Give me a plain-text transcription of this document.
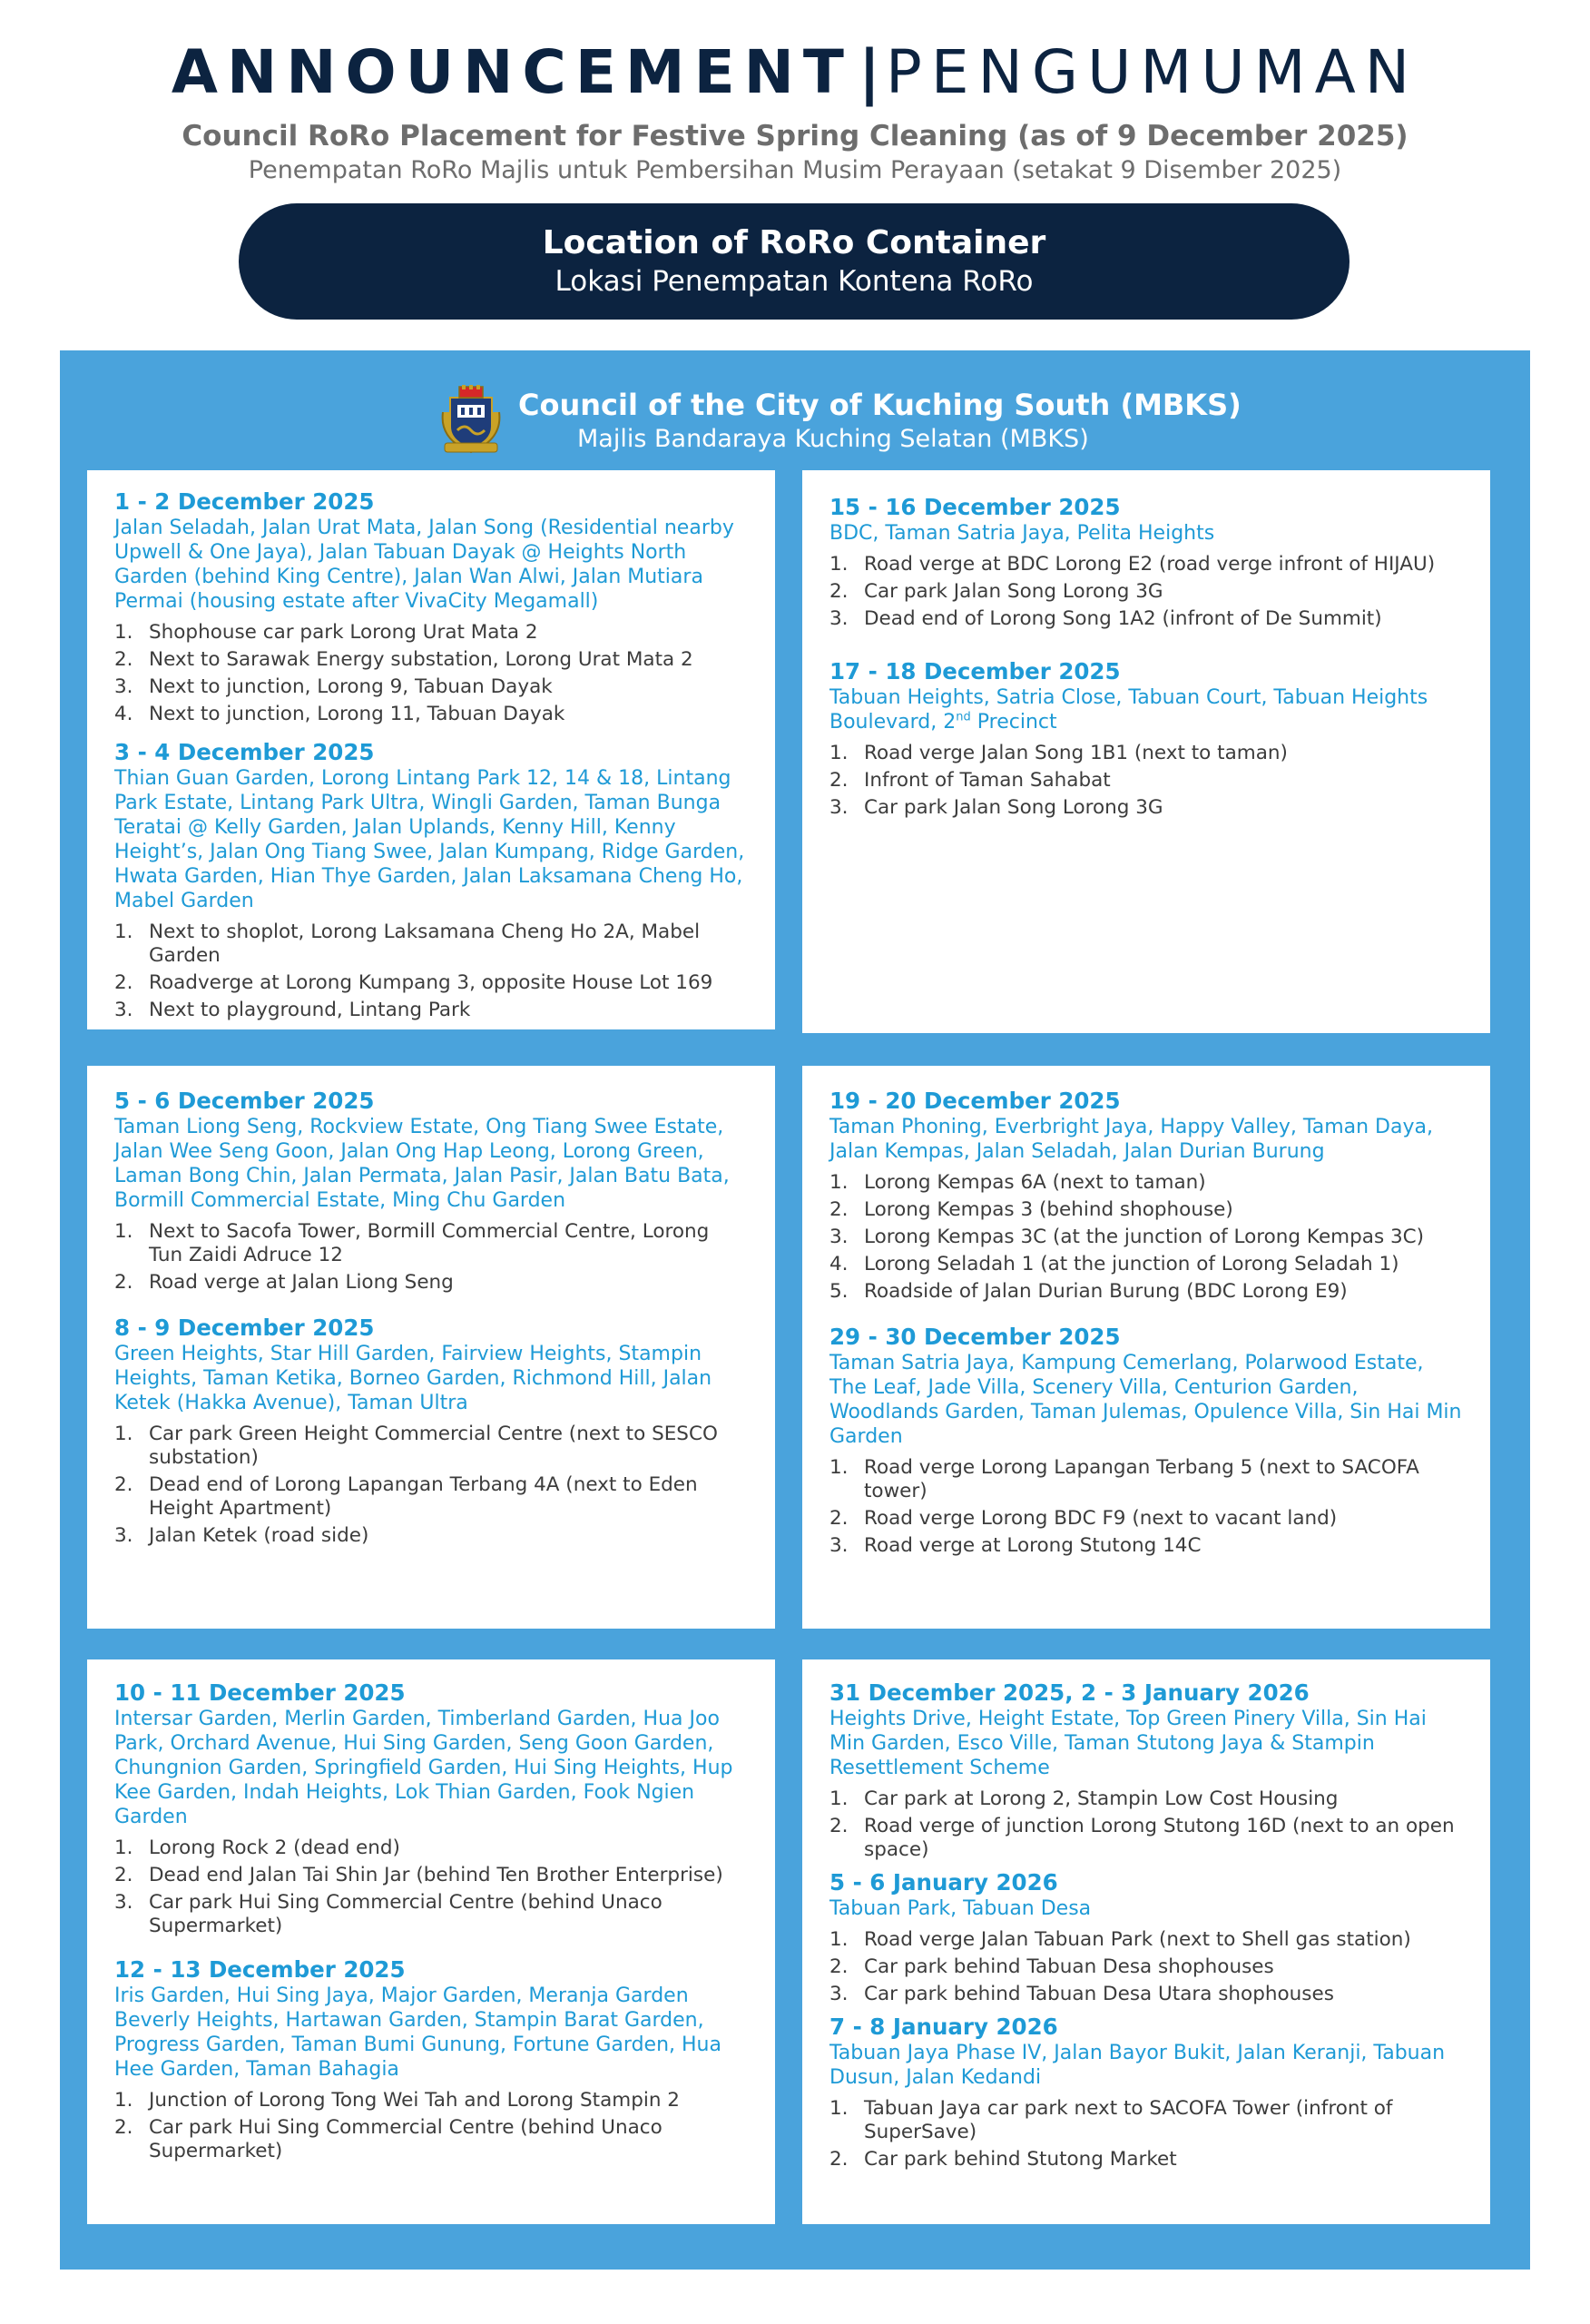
ANNOUNCEMENT|PENGUMUMAN
Council RoRo Placement for Festive Spring Cleaning (as of 9 December 2025)
Penempatan RoRo Majlis untuk Pembersihan Musim Perayaan (setakat 9 Disember 2025)
Location of RoRo Container
Lokasi Penempatan Kontena RoRo
Council of the City of Kuching South (MBKS)
Majlis Bandaraya Kuching Selatan (MBKS)
1 - 2 December 2025
Jalan Seladah, Jalan Urat Mata, Jalan Song (Residential nearby Upwell & One Jaya), Jalan Tabuan Dayak @ Heights North Garden (behind King Centre), Jalan Wan Alwi, Jalan Mutiara Permai (housing estate after VivaCity Megamall)
1. Shophouse car park Lorong Urat Mata 2
2. Next to Sarawak Energy substation, Lorong Urat Mata 2
3. Next to junction, Lorong 9, Tabuan Dayak
4. Next to junction, Lorong 11, Tabuan Dayak
3 - 4 December 2025
Thian Guan Garden, Lorong Lintang Park 12, 14 & 18, Lintang Park Estate, Lintang Park Ultra, Wingli Garden, Taman Bunga Teratai @ Kelly Garden, Jalan Uplands, Kenny Hill, Kenny Height’s, Jalan Ong Tiang Swee, Jalan Kumpang, Ridge Garden, Hwata Garden, Hian Thye Garden, Jalan Laksamana Cheng Ho, Mabel Garden
1. Next to shoplot, Lorong Laksamana Cheng Ho 2A, Mabel Garden
2. Roadverge at Lorong Kumpang 3, opposite House Lot 169
3. Next to playground, Lintang Park
15 - 16 December 2025
BDC, Taman Satria Jaya, Pelita Heights
1. Road verge at BDC Lorong E2 (road verge infront of HIJAU)
2. Car park Jalan Song Lorong 3G
3. Dead end of Lorong Song 1A2 (infront of De Summit)
17 - 18 December 2025
Tabuan Heights, Satria Close, Tabuan Court, Tabuan Heights Boulevard, 2nd Precinct
1. Road verge Jalan Song 1B1 (next to taman)
2. Infront of Taman Sahabat
3. Car park Jalan Song Lorong 3G
5 - 6 December 2025
Taman Liong Seng, Rockview Estate, Ong Tiang Swee Estate, Jalan Wee Seng Goon, Jalan Ong Hap Leong, Lorong Green, Laman Bong Chin, Jalan Permata, Jalan Pasir, Jalan Batu Bata, Bormill Commercial Estate, Ming Chu Garden
1. Next to Sacofa Tower, Bormill Commercial Centre, Lorong Tun Zaidi Adruce 12
2. Road verge at Jalan Liong Seng
8 - 9 December 2025
Green Heights, Star Hill Garden, Fairview Heights, Stampin Heights, Taman Ketika, Borneo Garden, Richmond Hill, Jalan Ketek (Hakka Avenue), Taman Ultra
1. Car park Green Height Commercial Centre (next to SESCO substation)
2. Dead end of Lorong Lapangan Terbang 4A (next to Eden Height Apartment)
3. Jalan Ketek (road side)
19 - 20 December 2025
Taman Phoning, Everbright Jaya, Happy Valley, Taman Daya, Jalan Kempas, Jalan Seladah, Jalan Durian Burung
1. Lorong Kempas 6A (next to taman)
2. Lorong Kempas 3 (behind shophouse)
3. Lorong Kempas 3C (at the junction of Lorong Kempas 3C)
4. Lorong Seladah 1 (at the junction of Lorong Seladah 1)
5. Roadside of Jalan Durian Burung (BDC Lorong E9)
29 - 30 December 2025
Taman Satria Jaya, Kampung Cemerlang, Polarwood Estate, The Leaf, Jade Villa, Scenery Villa, Centurion Garden, Woodlands Garden, Taman Julemas, Opulence Villa, Sin Hai Min Garden
1. Road verge Lorong Lapangan Terbang 5 (next to SACOFA tower)
2. Road verge Lorong BDC F9 (next to vacant land)
3. Road verge at Lorong Stutong 14C
10 - 11 December 2025
Intersar Garden, Merlin Garden, Timberland Garden, Hua Joo Park, Orchard Avenue, Hui Sing Garden, Seng Goon Garden, Chungnion Garden, Springfield Garden, Hui Sing Heights, Hup Kee Garden, Indah Heights, Lok Thian Garden, Fook Ngien Garden
1. Lorong Rock 2 (dead end)
2. Dead end Jalan Tai Shin Jar (behind Ten Brother Enterprise)
3. Car park Hui Sing Commercial Centre (behind Unaco Supermarket)
12 - 13 December 2025
Iris Garden, Hui Sing Jaya, Major Garden, Meranja Garden Beverly Heights, Hartawan Garden, Stampin Barat Garden, Progress Garden, Taman Bumi Gunung, Fortune Garden, Hua Hee Garden, Taman Bahagia
1. Junction of Lorong Tong Wei Tah and Lorong Stampin 2
2. Car park Hui Sing Commercial Centre (behind Unaco Supermarket)
31 December 2025, 2 - 3 January 2026
Heights Drive, Height Estate, Top Green Pinery Villa, Sin Hai Min Garden, Esco Ville, Taman Stutong Jaya & Stampin Resettlement Scheme
1. Car park at Lorong 2, Stampin Low Cost Housing
2. Road verge of junction Lorong Stutong 16D (next to an open space)
5 - 6 January 2026
Tabuan Park, Tabuan Desa
1. Road verge Jalan Tabuan Park (next to Shell gas station)
2. Car park behind Tabuan Desa shophouses
3. Car park behind Tabuan Desa Utara shophouses
7 - 8 January 2026
Tabuan Jaya Phase IV, Jalan Bayor Bukit, Jalan Keranji, Tabuan Dusun, Jalan Kedandi
1. Tabuan Jaya car park next to SACOFA Tower (infront of SuperSave)
2. Car park behind Stutong Market
